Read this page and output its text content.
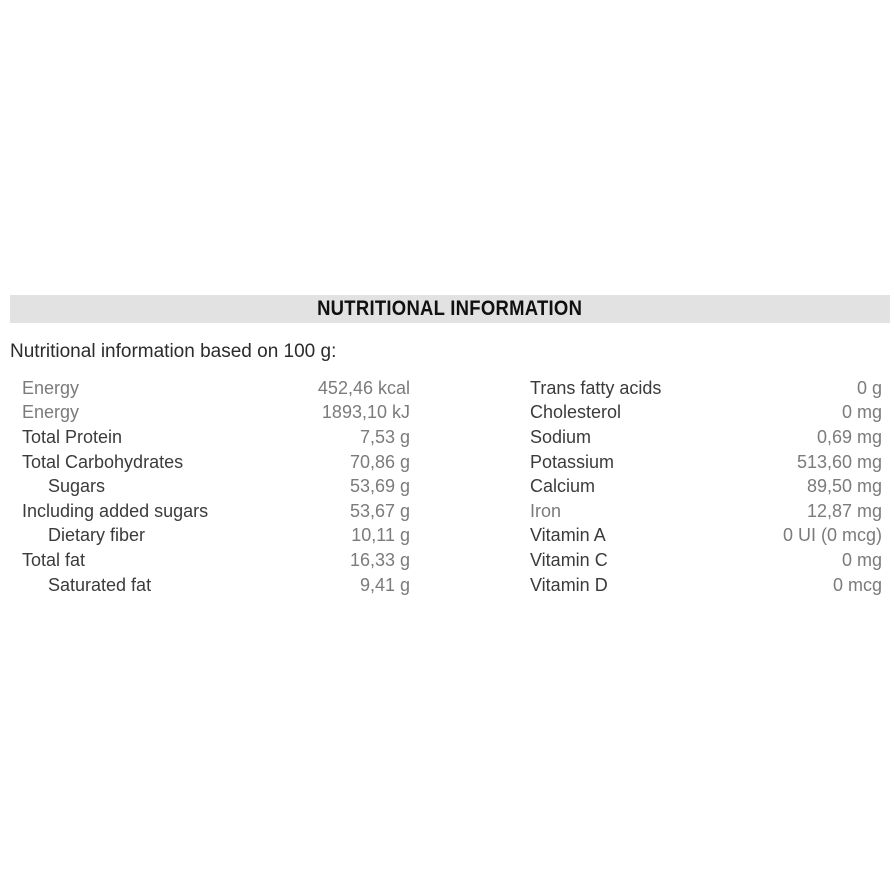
NUTRITIONAL INFORMATION
Nutritional information based on 100 g:
Energy	452,46 kcal
Energy	1893,10 kJ
Total Protein	7,53 g
Total Carbohydrates	70,86 g
Sugars	53,69 g
Including added sugars	53,67 g
Dietary fiber	10,11 g
Total fat	16,33 g
Saturated fat	9,41 g
Trans fatty acids	0 g
Cholesterol	0 mg
Sodium	0,69 mg
Potassium	513,60 mg
Calcium	89,50 mg
Iron	12,87 mg
Vitamin A	0 UI (0 mcg)
Vitamin C	0 mg
Vitamin D	0 mcg
